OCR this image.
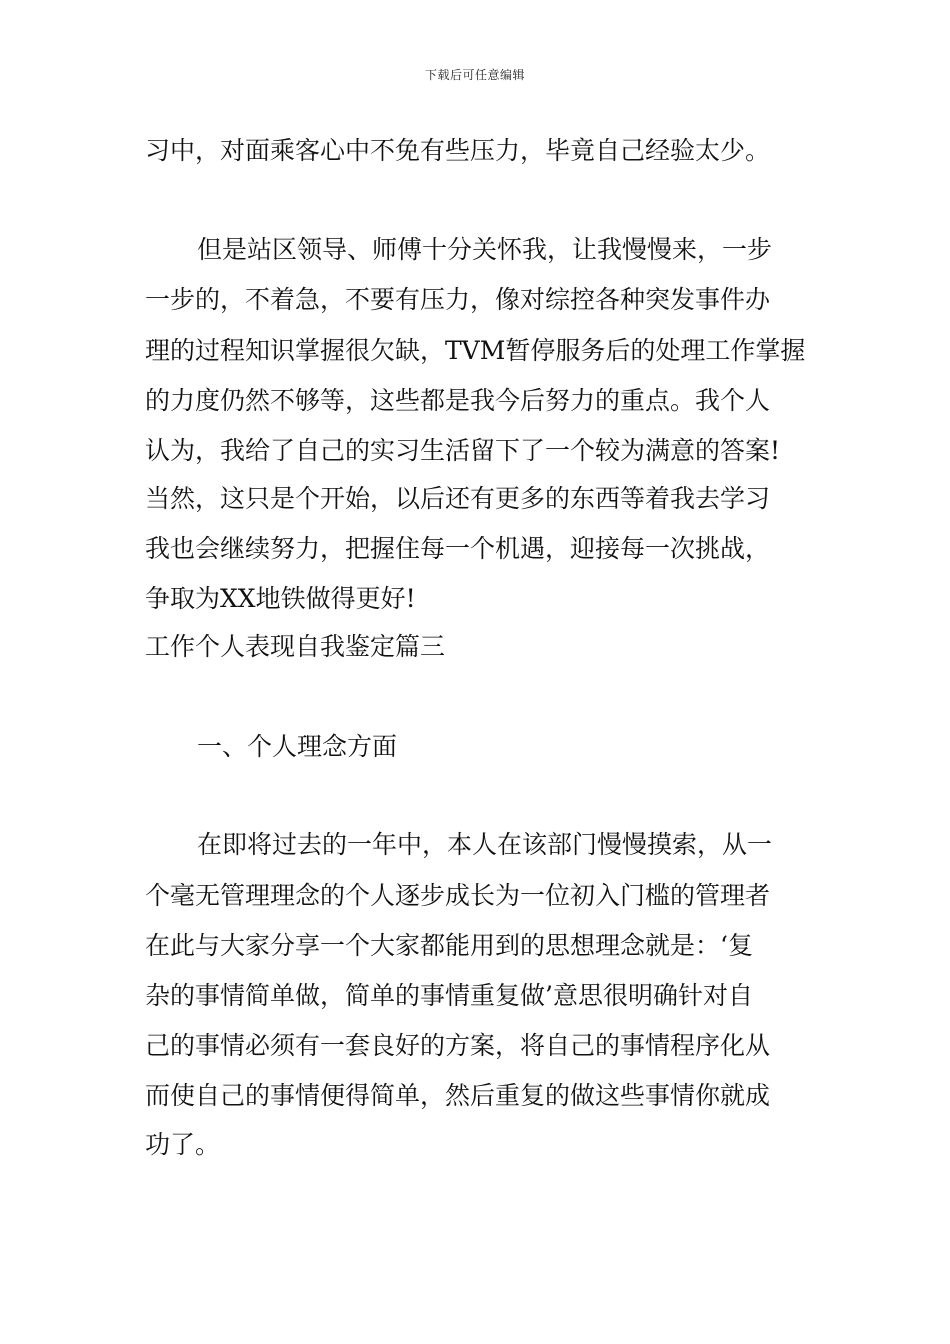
下载后可任意编辑
习中，对面乘客心中不免有些压力，毕竟自己经验太少。
但是站区领导、师傅十分关怀我，让我慢慢来，一步
一步的，不着急，不要有压力，像对综控各种突发事件办
理的过程知识掌握很欠缺，TVM暂停服务后的处理工作掌握
的力度仍然不够等，这些都是我今后努力的重点。我个人
认为，我给了自己的实习生活留下了一个较为满意的答案!
当然，这只是个开始，以后还有更多的东西等着我去学习
我也会继续努力，把握住每一个机遇，迎接每一次挑战，
争取为XX地铁做得更好!
工作个人表现自我鉴定篇三
一、个人理念方面
在即将过去的一年中，本人在该部门慢慢摸索，从一
个毫无管理理念的个人逐步成长为一位初入门槛的管理者
在此与大家分享一个大家都能用到的思想理念就是：‘复
杂的事情简单做，简单的事情重复做’意思很明确针对自
己的事情必须有一套良好的方案，将自己的事情程序化从
而使自己的事情便得简单，然后重复的做这些事情你就成
功了。
